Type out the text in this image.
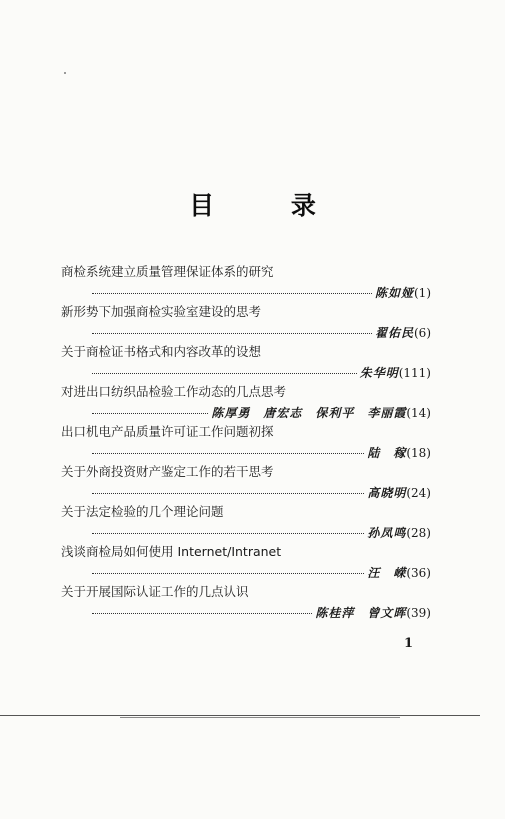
目 录
商检系统建立质量管理保证体系的研究
陈如娅 (1)
新形势下加强商检实验室建设的思考
翟佑民 (6)
关于商检证书格式和内容改革的设想
朱华明 (111)
对进出口纺织品检验工作动态的几点思考
陈厚勇　唐宏志　保利平　李丽霞 (14)
出口机电产品质量许可证工作问题初探
陆　稼 (18)
关于外商投资财产鉴定工作的若干思考
高晓明 (24)
关于法定检验的几个理论问题
孙凤鸣 (28)
浅谈商检局如何使用 Internet/Intranet
汪　嵘 (36)
关于开展国际认证工作的几点认识
陈桂萍　曾文晖 (39)
1
